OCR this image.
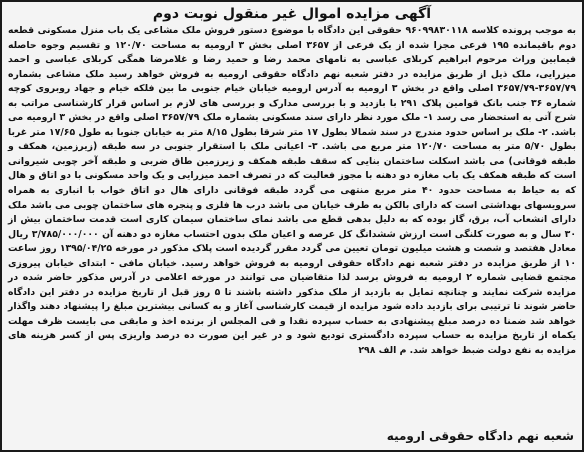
آگهی مزایده اموال غیر منقول نوبت دوم

به موجب پرونده کلاسه ۹۶۰۹۹۸۳۰۱۱۸ حقوقی این دادگاه با موضوع دستور فروش ملک مشاعی یک باب منزل مسکونی قطعه دوم باقیمانده ۱۹۵ فرعی مجزا شده از یک فرعی از ۳۶۵۷ اصلی بخش ۳ ارومیه به مساحت ۱۲۰/۷۰ و تقسیم وجوه حاصله فیمابین وراث مرحوم ابراهیم کربلای عباسی به نامهای محمد رضا و حمید رضا و غلامرضا همگی کربلای عباسی و احمد میزرایی، ملک ذیل از طریق مزایده در دفتر شعبه نهم دادگاه حقوقی ارومیه به فروش خواهد رسید ملک مشاعی بشماره ۳۶۵۷/۷۹-۳۶۵۷/۷۹ اصلی واقع در بخش ۳ ارومیه به آدرس ارومیه خیابان خیام جنوبی ما بین فلکه خیام و جهاد روبروی کوچه شماره ۳۶ جنب بانک قوامین پلاک ۲۹۱ با بازدید و با بررسی مدارک و بررسی های لازم بر اساس قرار کارشناسی مراتب به شرح آتی به استحضار می رسد ۱- ملک مورد نظر دارای سند مسکونی بشماره ملک ۳۶۵۷/۷۹ اصلی واقع در بخش ۳ ارومیه می باشد. ۲- ملک بر اساس حدود مندرج در سند شمالا بطول ۱۷ متر شرقا بطول ۸/۱۵ متر به خیابان جنوبا به طول ۱۷/۶۵ متر غربا بطول ۵/۷۰ متر به مساحت ۱۲۰/۷۰ متر مربع می باشد. ۳- اعیانی ملک با استقرار جنوبی در سه طبقه (زیرزمین، همکف و طبقه فوقانی) می باشد اسکلت ساختمان بنایی که سقف طبقه همکف و زیرزمین طاق ضربی و طبقه آخر چوبی شیروانی است که طبقه همکف یک باب مغازه دو دهنه با مجوز فعالیت که در تصرف احمد میزرایی و یک واحد مسکونی با دو اتاق و هال که به حیاط به مساحت حدود ۴۰ متر مربع منتهی می گردد طبقه فوقانی دارای هال دو اتاق خواب با انباری به همراه سرویسهای بهداشتی است که دارای بالکن به طرف خیابان می باشد درب ها فلزی و پنجره های ساختمان چوبی می باشد ملک دارای انشعاب آب، برق، گاز بوده که به دلیل بدهی قطع می باشد نمای ساختمان سیمان کاری است قدمت ساختمان بیش از ۳۰ سال و به صورت کلنگی است ارزش ششدانگ کل عرصه و اعیان ملک بدون احتساب مغازه دو دهنه آن ۳/۷۸۵/۰۰۰/۰۰۰ ریال معادل هفتصد و شصت و هشت میلیون تومان تعیین می گردد مقرر گردیده است پلاک مذکور در مورخه ۱۳۹۵/۰۴/۲۵ روز ساعت ۱۰ از طریق مزایده در دفتر شعبه نهم دادگاه حقوقی ارومیه به فروش خواهد رسید. خیابان مافی - ابتدای خیابان پیروزی مجتمع قضایی شماره ۲ ارومیه به فروش برسد لذا متقاضیان می توانند در مورخه اعلامی در آدرس مذکور حاضر شده در مزایده شرکت نمایند و چنانچه تمایل به بازدید از ملک مذکور داشته باشند تا ۵ روز قبل از تاریخ مزایده در دفتر این دادگاه حاضر شوند تا ترتیبی برای بازدید داده شود مزایده از قیمت کارشناسی آغاز و به کسانی بیشترین مبلغ را پیشنهاد دهند واگذار خواهد شد ضمنا ده درصد مبلغ پیشنهادی به حساب سپرده نقدا و فی المجلس از برنده اخذ و مابقی می بایست ظرف مهلت یکماه از تاریخ مزایده به حساب سپرده دادگستری تودیع شود و در غیر این صورت ده درصد واریزی پس از کسر هزینه های مزایده به نفع دولت ضبط خواهد شد. م الف ۲۹۸

شعبه نهم دادگاه حقوقی ارومیه
